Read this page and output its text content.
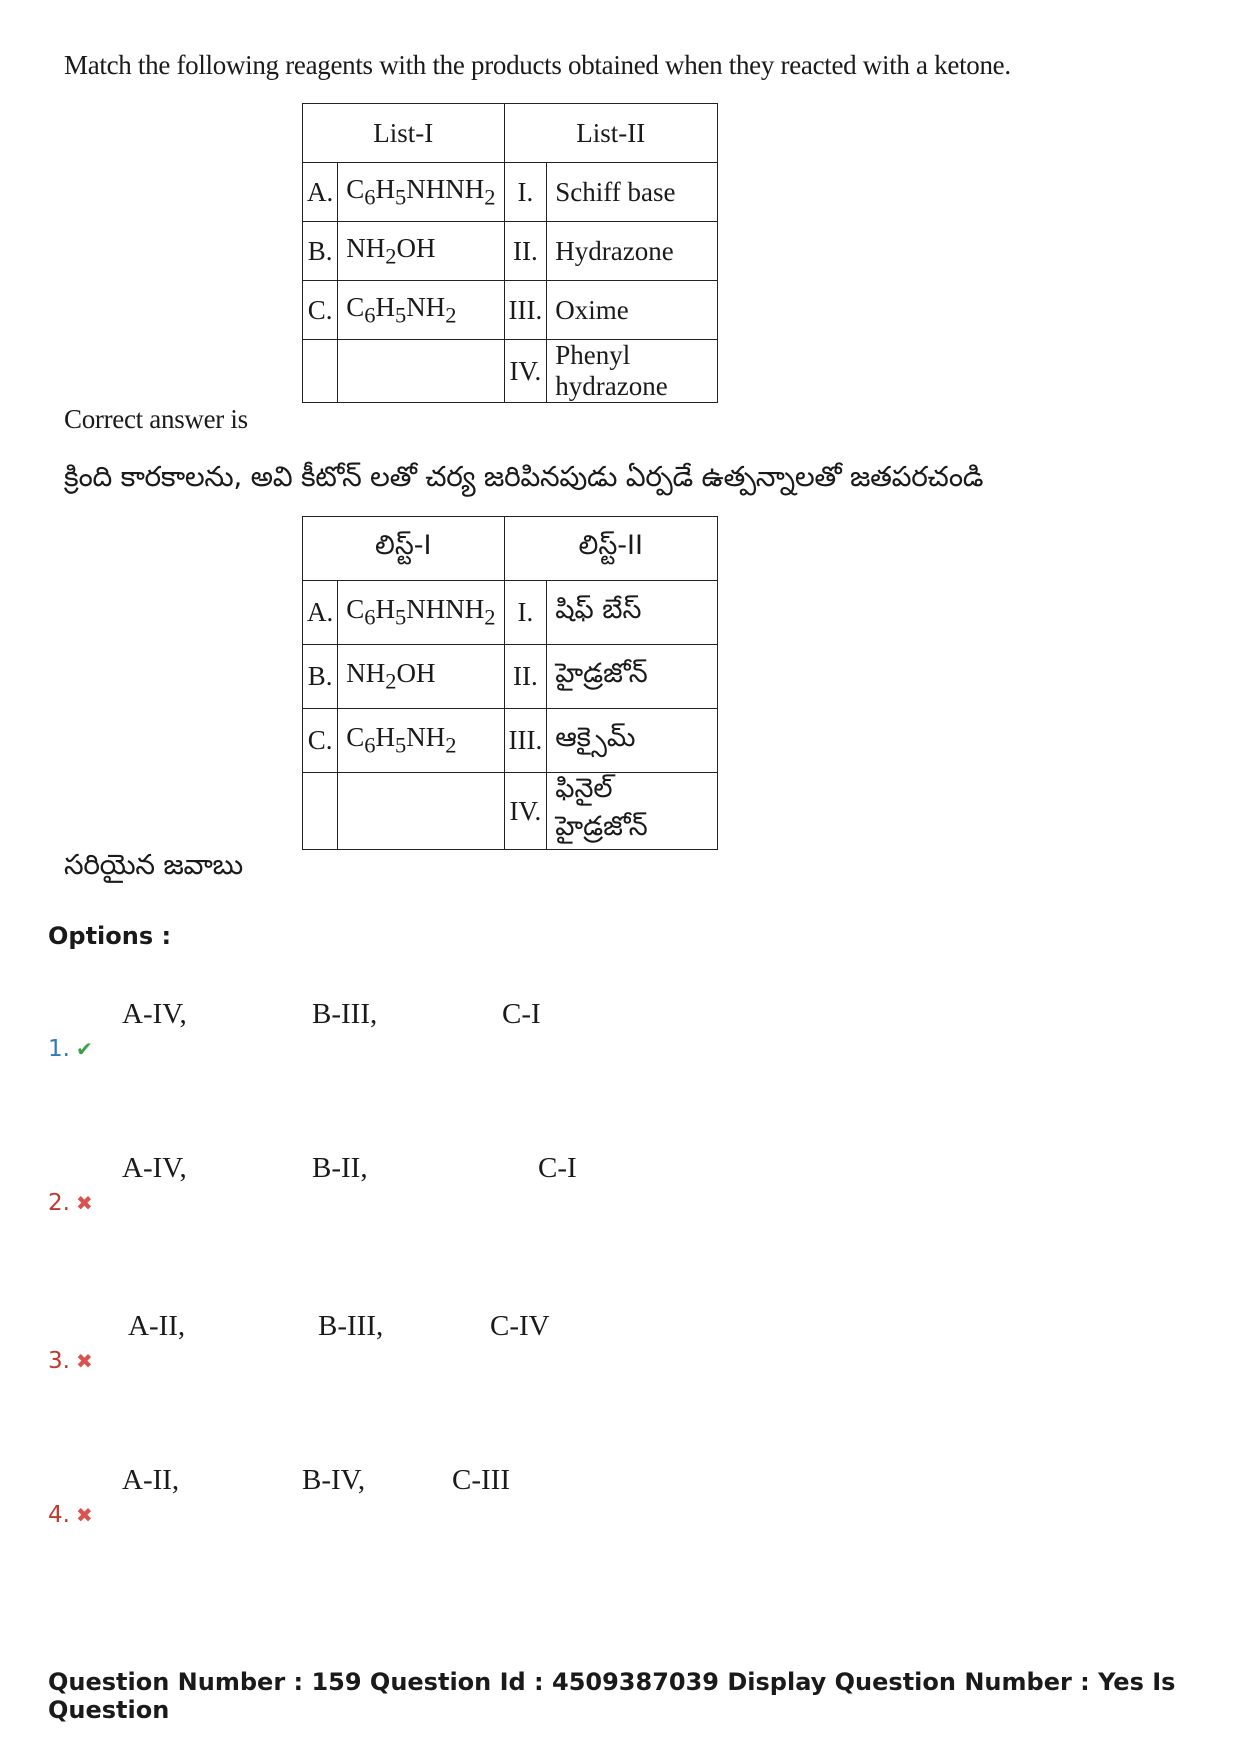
Match the following reagents with the products obtained when they reacted with a ketone.
List-I		List-II	
A.	$C_6H_5NHNH_2$	I.	Schiff base
B.	$NH_2OH$	II.	Hydrazone
C.	$C_6H_5NH_2$	III.	Oxime
		IV.	Phenyl hydrazone
Correct answer is
క్రింది కారకాలను, అవి కీటోన్ లతో చర్య జరిపినపుడు ఏర్పడే ఉత్పన్నాలతో జతపరచండి
లిస్ట్-I		లిస్ట్-II	
A.	$C_6H_5NHNH_2$	I.	షిఫ్ బేస్
B.	$NH_2OH$	II.	హైడ్రజోన్
C.	$C_6H_5NH_2$	III.	ఆక్సైమ్
		IV.	ఫినైల్ హైడ్రజోన్
సరియైన జవాబు
Options :
A-IV,	B-III,	C-I
1. ✔
A-IV,	B-II,	C-I
2. ✖
A-II,	B-III,	C-IV
3. ✖
A-II,	B-IV,	C-III
4. ✖
Question Number : 159 Question Id : 4509387039 Display Question Number : Yes Is Question
